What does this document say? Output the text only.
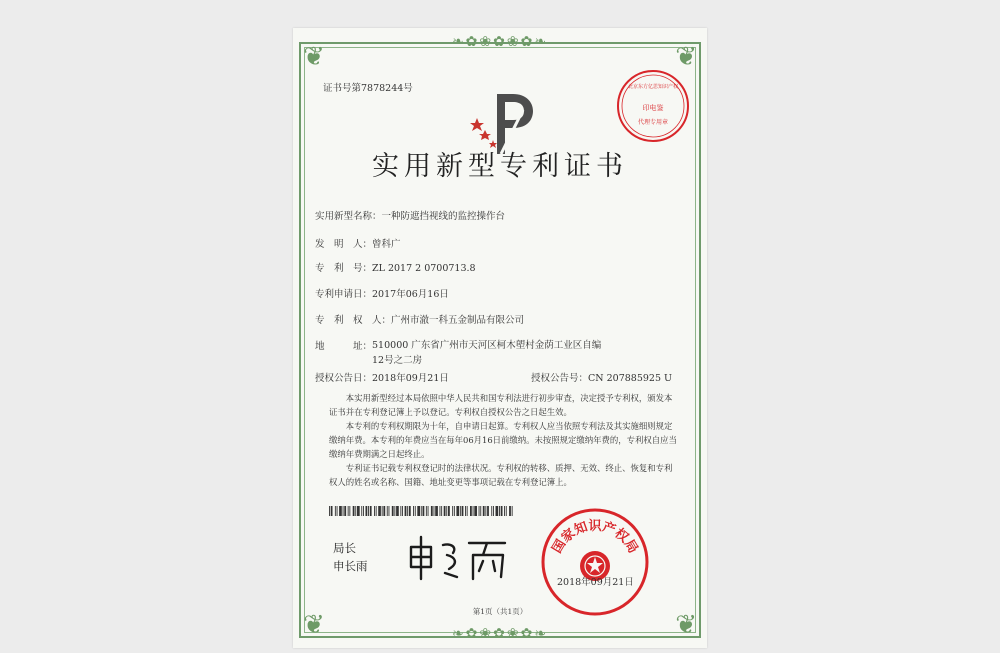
❦	❦
❦	❦
❧✿❀✿❀✿❧
❧✿❀✿❀✿❧
证书号第7878244号	北京东方亿思知识产权
印电鉴
代理专用章
实用新型专利证书
实用新型名称：一种防遮挡视线的监控操作台
发　明　人：曾科广
专　利　号：ZL 2017 2 0700713.8
专利申请日：2017年06月16日
专　利　权　人：广州市澈一科五金制品有限公司
地　　　址：510000 广东省广州市天河区柯木塱村金荫工业区自编12号之二房
授权公告日：2018年09月21日	授权公告号：CN 207885925 U

本实用新型经过本局依照中华人民共和国专利法进行初步审查，决定授予专利权，颁发本证书并在专利登记簿上予以登记。专利权自授权公告之日起生效。

本专利的专利权期限为十年，自申请日起算。专利权人应当依照专利法及其实施细则规定缴纳年费。本专利的年费应当在每年06月16日前缴纳。未按照规定缴纳年费的，专利权自应当缴纳年费期满之日起终止。

专利证书记载专利权登记时的法律状况。专利权的转移、质押、无效、终止、恢复和专利权人的姓名或名称、国籍、地址变更等事项记载在专利登记簿上。

局长
申长雨
国家知识产权局
2018年09月21日
第1页（共1页）
